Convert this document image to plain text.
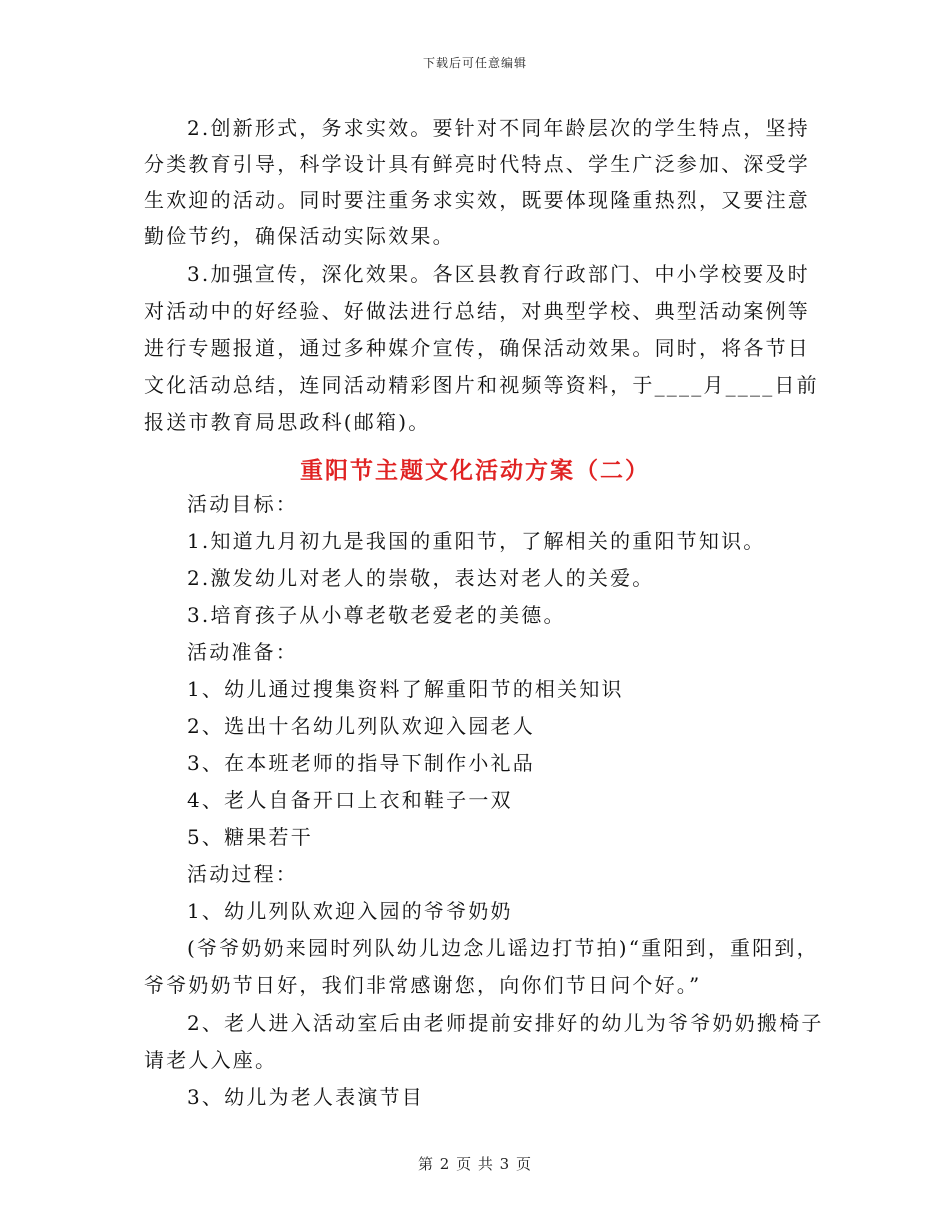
下载后可任意编辑
2.创新形式，务求实效。要针对不同年龄层次的学生特点，坚持
分类教育引导，科学设计具有鲜亮时代特点、学生广泛参加、深受学
生欢迎的活动。同时要注重务求实效，既要体现隆重热烈，又要注意
勤俭节约，确保活动实际效果。
3.加强宣传，深化效果。各区县教育行政部门、中小学校要及时
对活动中的好经验、好做法进行总结，对典型学校、典型活动案例等
进行专题报道，通过多种媒介宣传，确保活动效果。同时，将各节日
文化活动总结，连同活动精彩图片和视频等资料，于____月____日前
报送市教育局思政科(邮箱)。
重阳节主题文化活动方案（二）
活动目标：
1.知道九月初九是我国的重阳节，了解相关的重阳节知识。
2.激发幼儿对老人的崇敬，表达对老人的关爱。
3.培育孩子从小尊老敬老爱老的美德。
活动准备：
1、幼儿通过搜集资料了解重阳节的相关知识
2、选出十名幼儿列队欢迎入园老人
3、在本班老师的指导下制作小礼品
4、老人自备开口上衣和鞋子一双
5、糖果若干
活动过程：
1、幼儿列队欢迎入园的爷爷奶奶
(爷爷奶奶来园时列队幼儿边念儿谣边打节拍)“重阳到，重阳到，
爷爷奶奶节日好，我们非常感谢您，向你们节日问个好。”
2、老人进入活动室后由老师提前安排好的幼儿为爷爷奶奶搬椅子
请老人入座。
3、幼儿为老人表演节目
第 2 页 共 3 页
